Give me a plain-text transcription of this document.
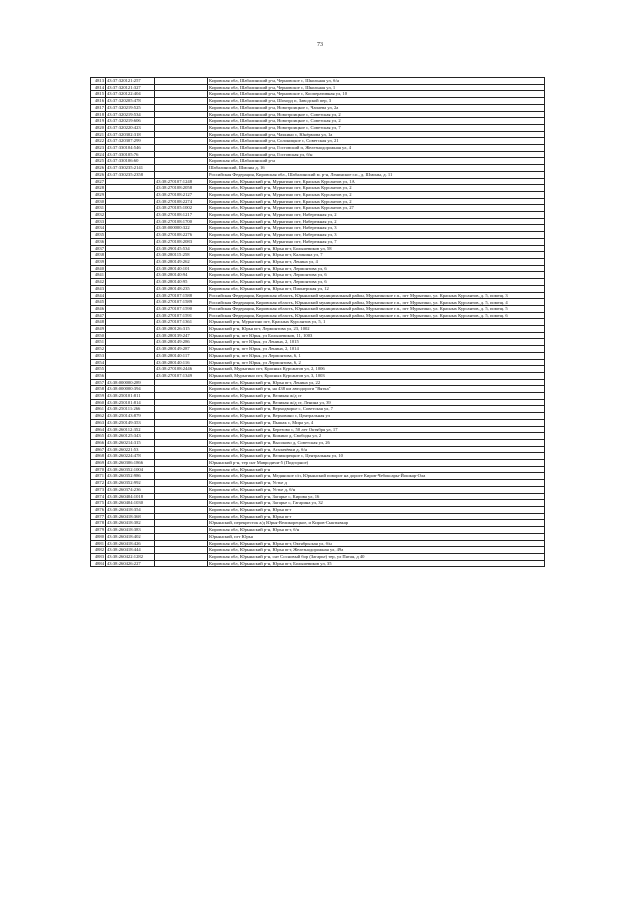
73
4813	43:37:320121:257		Кировская обл, Шабалинский р-н, Черновское с, Школьная ул, б/н
4814	43:37:320121:327		Кировская обл, Шабалинский р-н, Черновское с, Школьная ул, 1
4815	43:37:320122:404		Кировская обл, Шабалинский р-н, Черновское с, Кооперативная ул, 10
4816	43:37:320205:478		Кировская обл, Шабалинский р-н, Шохорд п, Заводской пер, 3
4817	43:37:320219:525		Кировская обл, Шабалинский р-н, Новотроицкое с, Чапаева ул, 2а
4818	43:37:320219:534		Кировская обл, Шабалинский р-н, Новотроицкое с, Советская ул, 2
4819	43:37:320219:606		Кировская обл, Шабалинский р-н, Новотроицкое с, Советская ул, 2
4820	43:37:320220:423		Кировская обл, Шабалинский р-н, Новотроицкое с, Советская ул, 7
4821	43:37:320302:318		Кировская обл, Шабалинский р-н, Чахкино с, Юнёрмова ул, 1а
4822	43:37:320307:299		Кировская обл, Шабалинский р-н, Солоницкое с, Советская ул, 21
4823	43:37:330104:546		Кировская обл, Шабалинский р-н, Гостовский п, Железнодорожная ул, 4
4824	43:37:330105:76		Кировская обл, Шабалинский р-н, Гостовская ул, б/н
4825	43:37:330106:60		Кировская обл, Шабалинский р-н
4826	43:37:330235:2141		Шабалинский, Шмоны д, 16
4826	43:37:330235:2358		Российская Федерация, Кировская обл., Шабалинский м. р-н, Ленинское г.п., д. Шмоны, д. 11
4827		43:38:270107:1248	Кировская обл, Юрьянский р-н, Мурыгино пгт, Красных Курсантов ул, 1А
4828		43:38:270108:2058	Кировская обл, Юрьянский р-н, Мурыгино пгт, Красных Курсантов ул, 2
4829		43:38:270108:2127	Кировская обл, Юрьянский р-н, Мурыгино пгт, Красных Курсантов ул, 2
4830		43:38:270108:2274	Кировская обл, Юрьянский р-н, Мурыгино пгт, Красных Курсантов ул, 2
4831		43:38:270105:1002	Кировская обл, Юрьянский р-н, Мурыгино пгт, Красных Курсантов ул, 27
4832		43:38:270108:1217	Кировская обл, Юрьянский р-н, Мурыгино пгт, Набережная ул, 2
4833		43:38:270108:1700	Кировская обл, Юрьянский р-н, Мурыгино пгт, Набережная ул, 2
4834		43:38:000000:322	Кировская обл, Юрьянский р-н, Мурыгино пгт, Набережная ул, 3
4835		43:38:270108:2276	Кировская обл, Юрьянский р-н, Мурыгино пгт, Набережная ул, 3
4836		43:38:270108:2083	Кировская обл, Юрьянский р-н, Мурыгино пгт, Набережная ул, 7
4837		43:38:290145:534	Кировская обл, Юрьянский р-н, Юрья пгт, Большевиков ул, 58
4838		43:38:280115:258	Кировская обл, Юрьянский р-н, Юрья пгт, Калинина ул, 7
4839		43:38:280149:262	Кировская обл, Юрьянский р-н, Юрья пгт, Ленина ул, 4
4840		43:38:280140:101	Кировская обл, Юрьянский р-н, Юрья пгт, Лермонтова ул, 6
4841		43:38:280140:94	Кировская обл, Юрьянский р-н, Юрья пгт, Лермонтова ул, 6
4842		43:38:280140:95	Кировская обл, Юрьянский р-н, Юрья пгт, Лермонтова ул, 6
4843		43:38:280148:235	Кировская обл, Юрьянский р-н, Юрья пгт, Пионерская ул, 12
4844		43:38:270107:1588	Российская Федерация, Кировская область, Юрьянский муниципальный район, Мурыгинское г.п., пгт Мурыгино, ул. Красных Курсантов, д. 5, помещ. 3
4845		43:38:270107:1589	Российская Федерация, Кировская область, Юрьянский муниципальный район, Мурыгинское г.п., пгт Мурыгино, ул. Красных Курсантов, д. 5, помещ. 4
4846		43:38:270107:1590	Российская Федерация, Кировская область, Юрьянский муниципальный район, Мурыгинское г.п., пгт Мурыгино, ул. Красных Курсантов, д. 5, помещ. 5
4847		43:38:270107:1591	Российская Федерация, Кировская область, Юрьянский муниципальный район, Мурыгинское г.п., пгт Мурыгино, ул. Красных Курсантов, д. 5, помещ. 6
4848		43:38:270107:1361	Юрьянский р-н, Мурыгино пгт, Красных Курсантов ул, 5, 1
4849		43:38:280126:315	Юрьянский р-н, Юрья пгт, Лермонтова ул, 23, 1002
4850		43:38:280139:247	Юрьянский р-н, пгт Юрья, ул Большевиков, 11, 1003
4851		43:38:280149:286	Юрьянский р-н, пгт Юрья, ул Ленина, 2, 1015
4852		43:38:280149:287	Юрьянский р-н, пгт Юрья, ул Ленина, 2, 1014
4853		43:38:280140:117	Юрьянский р-н, пгт Юрья, ул Лермонтова, 6, 1
4854		43:38:280140:116	Юрьянский р-н, пгт Юрья, ул Лермонтова, 6, 2
4855		43:38:270108:2446	Юрьянский, Мурыгино пгт, Красных Курсантов ул, 2, 1006
4856		43:38:270107:1349	Юрьянский, Мурыгино пгт, Красных Курсантов ул, 3, 1003
4857	43:38:000000:289		Кировская обл, Юрьянский р-н, Юрья пгт, Ленина ул, 22
4858	43:38:000000:394		Кировская обл, Юрьянский р-н, на 438 км автодороги "Вятка"
4859	43:38:250101:811		Кировская обл, Юрьянский р-н, Великая ж/д ст
4860	43:38:250101:814		Кировская обл, Юрьянский р-н, Великая ж/д ст, Ленина ул, 39
4861	43:38:250111:266		Кировская обл, Юрьянский р-н, Верходворье с, Советская ул, 7
4862	43:38:250143:879		Кировская обл, Юрьянский р-н, Верховино с, Центральная ул
4863	43:38:250149:353		Кировская обл, Юрьянский р-н, Пышак с, Мира ул, 4
4864	43:38:260112:352		Кировская обл, Юрьянский р-н, Березово с, 50 лет Октября ул, 17
4865	43:38:260125:343		Кировская обл, Юрьянский р-н, Кожино д, Свободы ул, 2
4866	43:38:260214:315		Кировская обл, Юрьянский р-н, Высоково д, Советская ул, 26
4867	43:38:260221:53		Кировская обл, Юрьянский р-н, Агалачёвки д, б/н
4868	43:38:260224:478		Кировская обл, Юрьянский р-н, Великорецкое с, Центральная ул, 10
4869	43:38:260306:1866		Юрьянский р-н, тер снт Мавродичи-5 (Подгорное)
4870	43:38:260352:1004		Кировская обл, Юрьянский р-н
4871	43:38:260352:986		Кировская обл, Юрьянский р-н, Медянское с/п, Юрьянский поворот на дороге Киров-Чебоксары-Йошкар-Ола
4872	43:38:260352:992		Кировская обл, Юрьянский р-н, Устье д
4873	43:38:260374:236		Кировская обл, Юрьянский р-н, Устье д, б/н
4874	43:38:260404:1018		Кировская обл, Юрьянский р-н, Загарье с, Кирова ул, 16
4875	43:38:260404:1030		Кировская обл, Юрьянский р-н, Загарье с, Гагарина ул, 32
4876	43:38:260418:354		Кировская обл, Юрьянский р-н, Юрья пгт
4877	43:38:260418:368		Кировская обл, Юрьянский р-н, Юрья пгт
4878	43:38:260418:382		Юрьянский, перекресток а/д Юрья-Великорецкое, и Киров-Сыктывкар
4879	43:38:260418:383		Кировская обл, Юрьянский р-н, Юрья пгт, б/н
4880	43:38:260418:402		Юрьянский, пгт Юрья
4881	43:38:260418:426		Кировская обл, Юрьянский р-н, Юрья пгт, Октябрьская ул, б/н
4882	43:38:260418:444		Кировская обл, Юрьянский р-н, Юрья пгт, Железнодорожная ул, 49а
4883	43:38:260422:1282		Кировская обл, Юрьянский р-н, снт Сосновый бор (Загарье) тер, ул Пятая, д 40
4884	43:38:260426:227		Кировская обл, Юрьянский р-н, Юрья пгт, Большевиков ул, 35
